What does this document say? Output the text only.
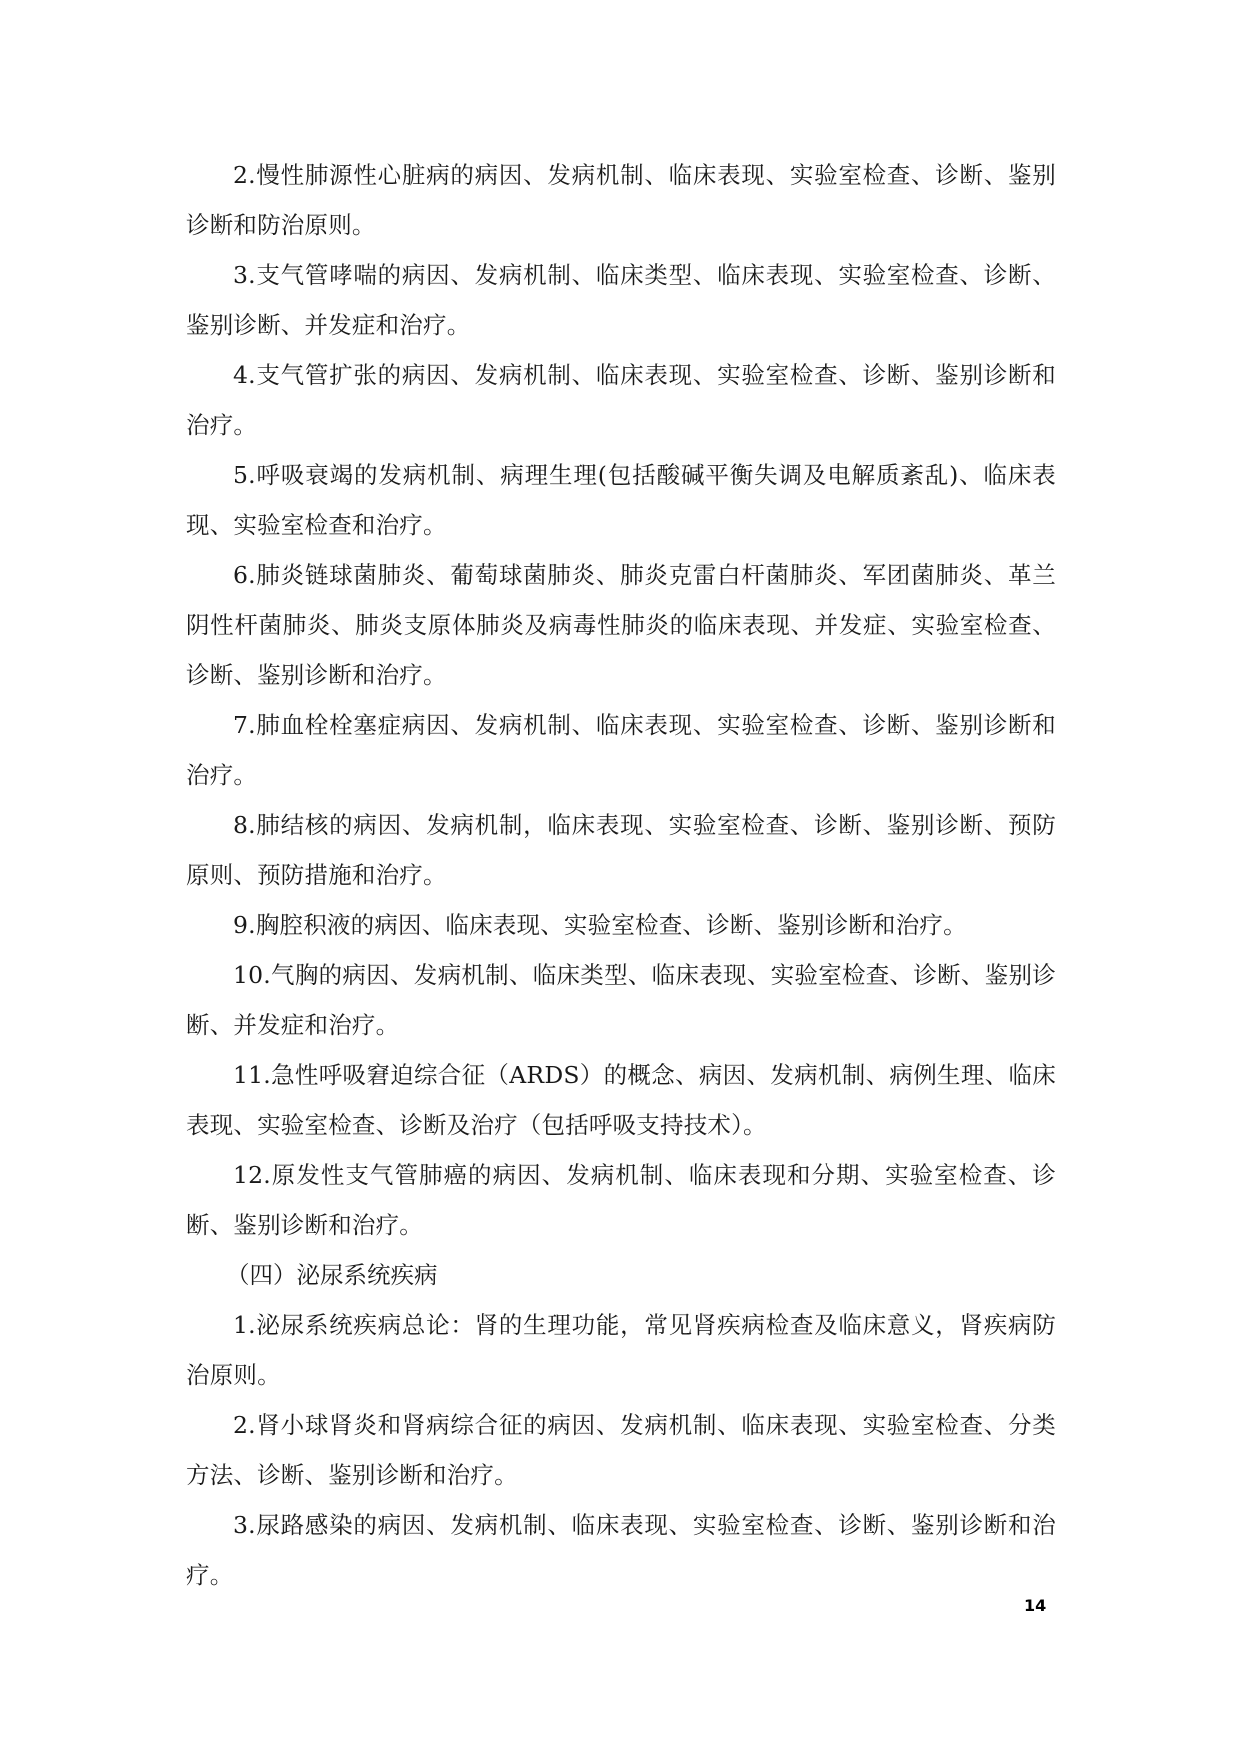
2.慢性肺源性心脏病的病因、发病机制、临床表现、实验室检查、诊断、鉴别诊断和防治原则。

3.支气管哮喘的病因、发病机制、临床类型、临床表现、实验室检查、诊断、鉴别诊断、并发症和治疗。

4.支气管扩张的病因、发病机制、临床表现、实验室检查、诊断、鉴别诊断和治疗。

5.呼吸衰竭的发病机制、病理生理(包括酸碱平衡失调及电解质紊乱)、临床表现、实验室检查和治疗。

6.肺炎链球菌肺炎、葡萄球菌肺炎、肺炎克雷白杆菌肺炎、军团菌肺炎、革兰阴性杆菌肺炎、肺炎支原体肺炎及病毒性肺炎的临床表现、并发症、实验室检查、诊断、鉴别诊断和治疗。

7.肺血栓栓塞症病因、发病机制、临床表现、实验室检查、诊断、鉴别诊断和治疗。

8.肺结核的病因、发病机制，临床表现、实验室检查、诊断、鉴别诊断、预防原则、预防措施和治疗。

9.胸腔积液的病因、临床表现、实验室检查、诊断、鉴别诊断和治疗。

10.气胸的病因、发病机制、临床类型、临床表现、实验室检查、诊断、鉴别诊断、并发症和治疗。

11.急性呼吸窘迫综合征（ARDS）的概念、病因、发病机制、病例生理、临床表现、实验室检查、诊断及治疗（包括呼吸支持技术）。

12.原发性支气管肺癌的病因、发病机制、临床表现和分期、实验室检查、诊断、鉴别诊断和治疗。

（四）泌尿系统疾病

1.泌尿系统疾病总论：肾的生理功能，常见肾疾病检查及临床意义，肾疾病防治原则。

2.肾小球肾炎和肾病综合征的病因、发病机制、临床表现、实验室检查、分类方法、诊断、鉴别诊断和治疗。

3.尿路感染的病因、发病机制、临床表现、实验室检查、诊断、鉴别诊断和治疗。

14
